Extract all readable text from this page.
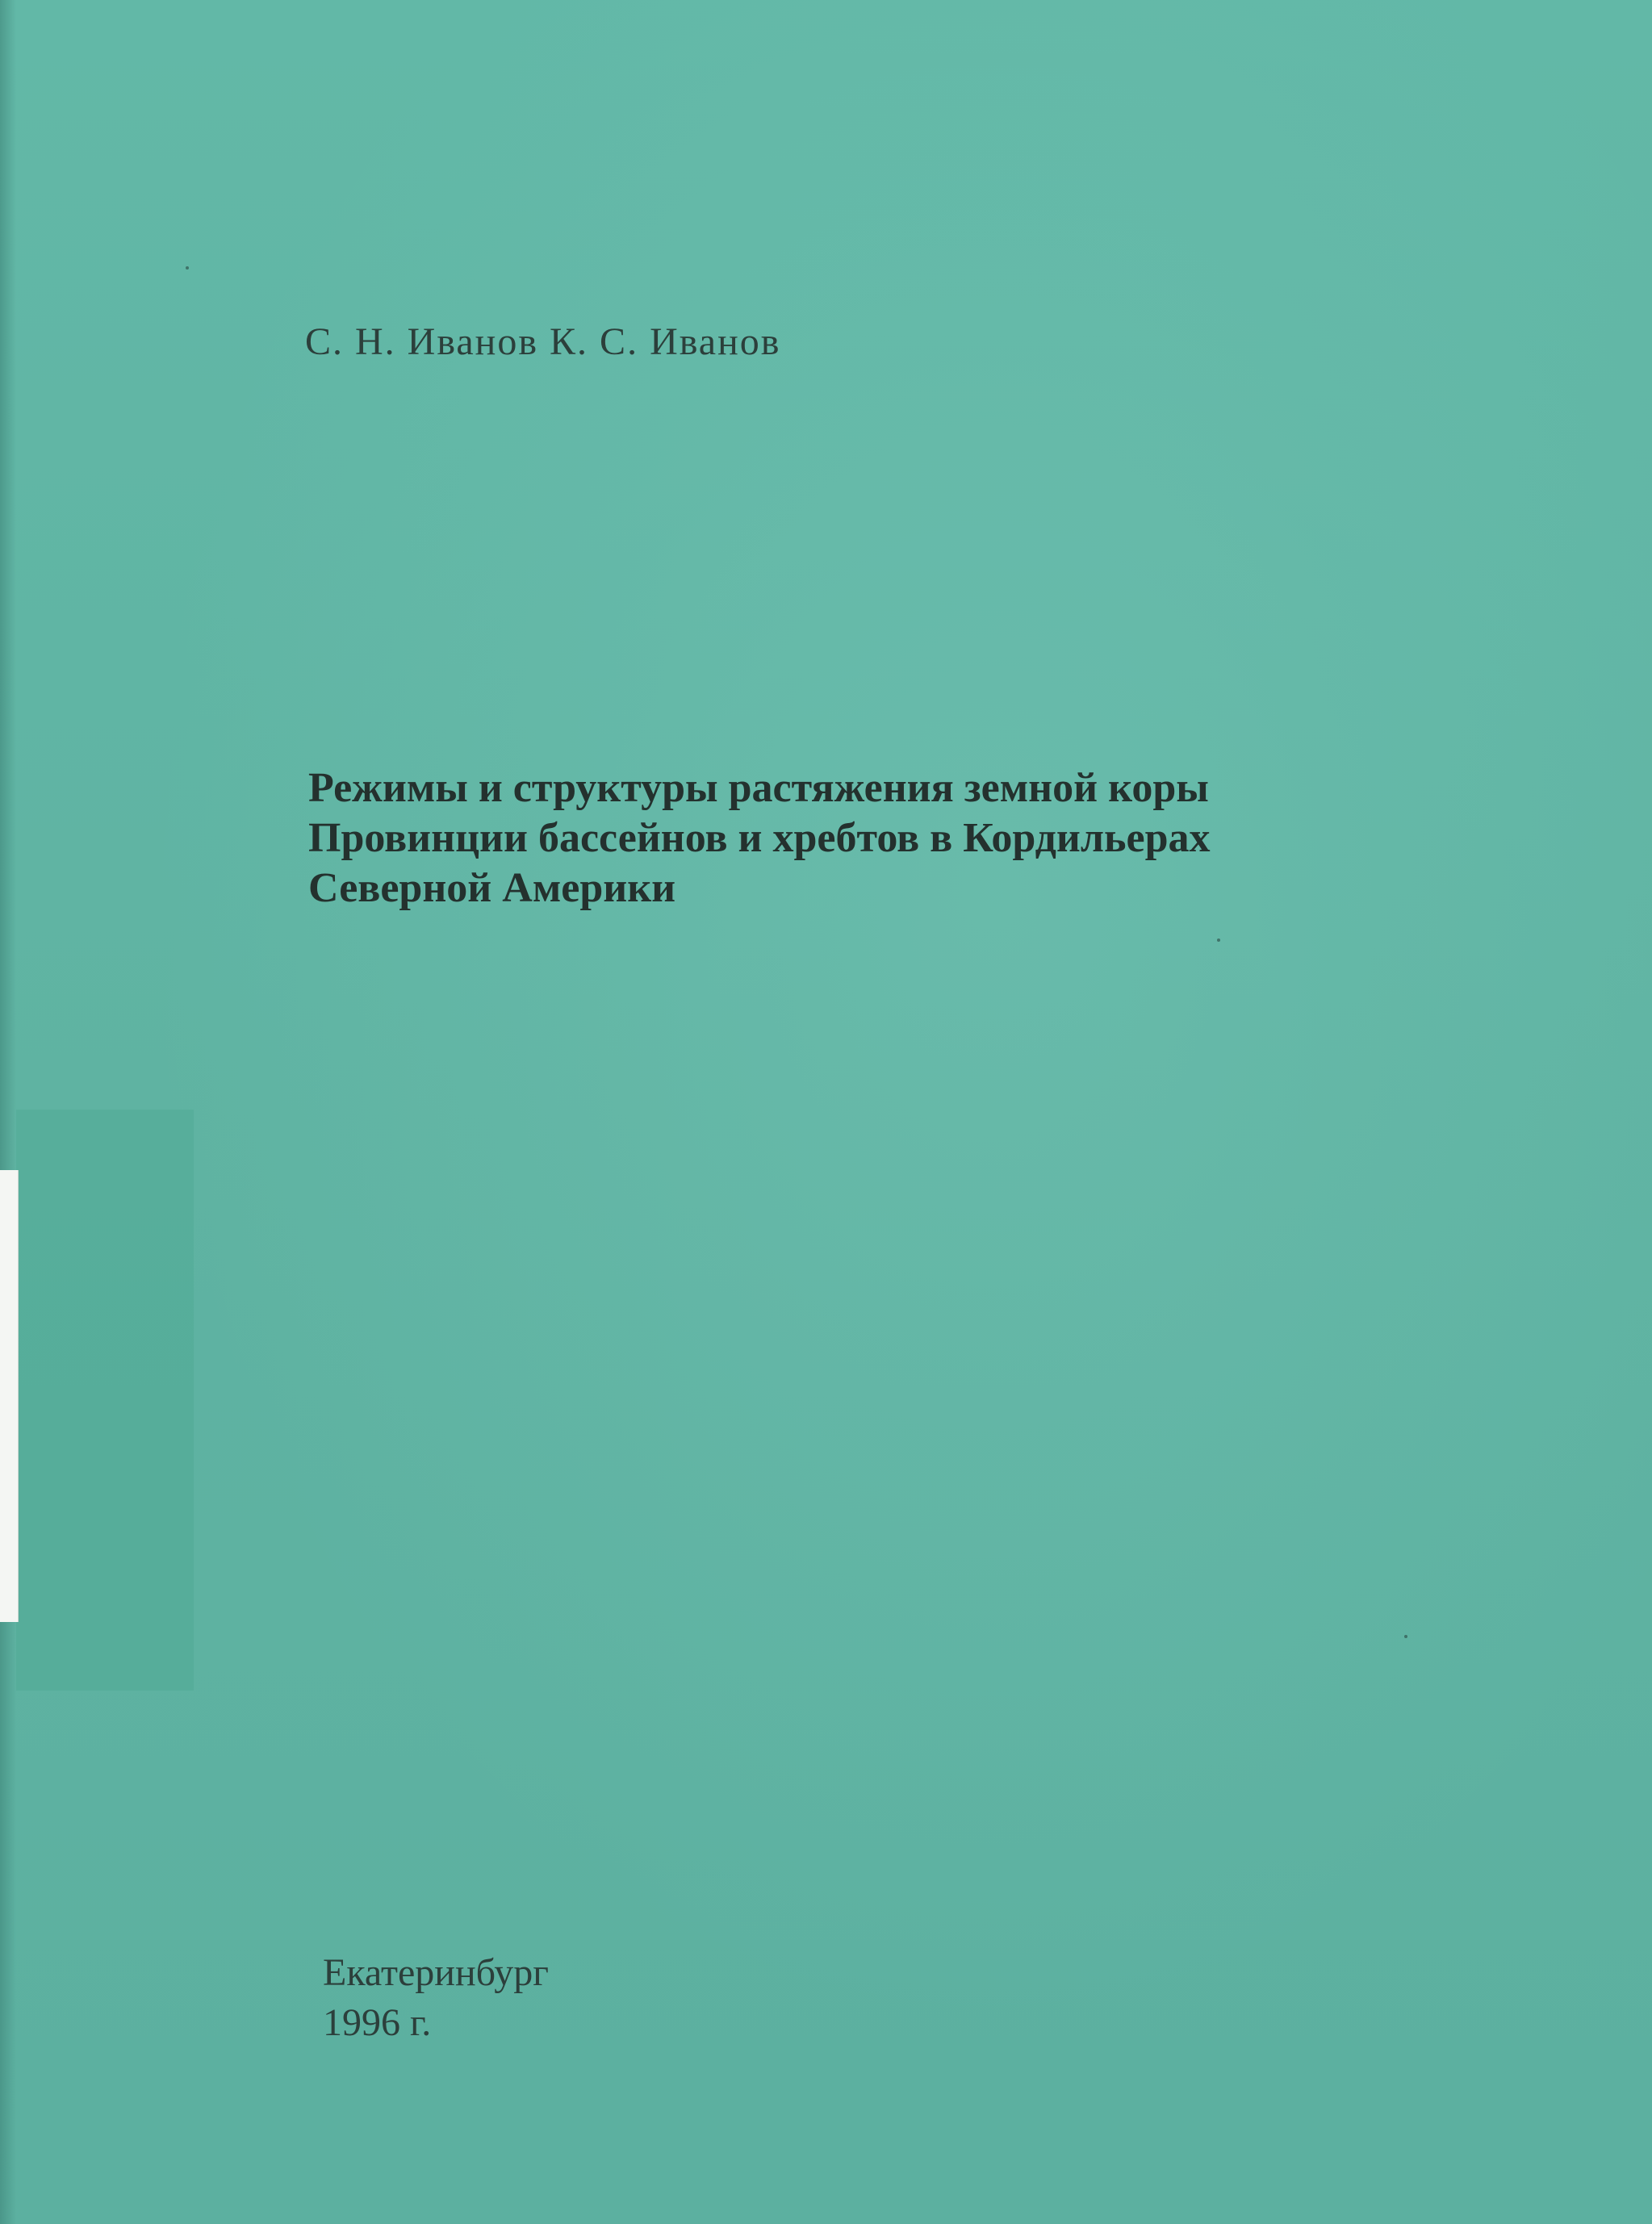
С. Н. Иванов К. С. Иванов
Режимы и структуры растяжения земной коры
Провинции бассейнов и хребтов в Кордильерах
Северной Америки
Екатеринбург
1996 г.
